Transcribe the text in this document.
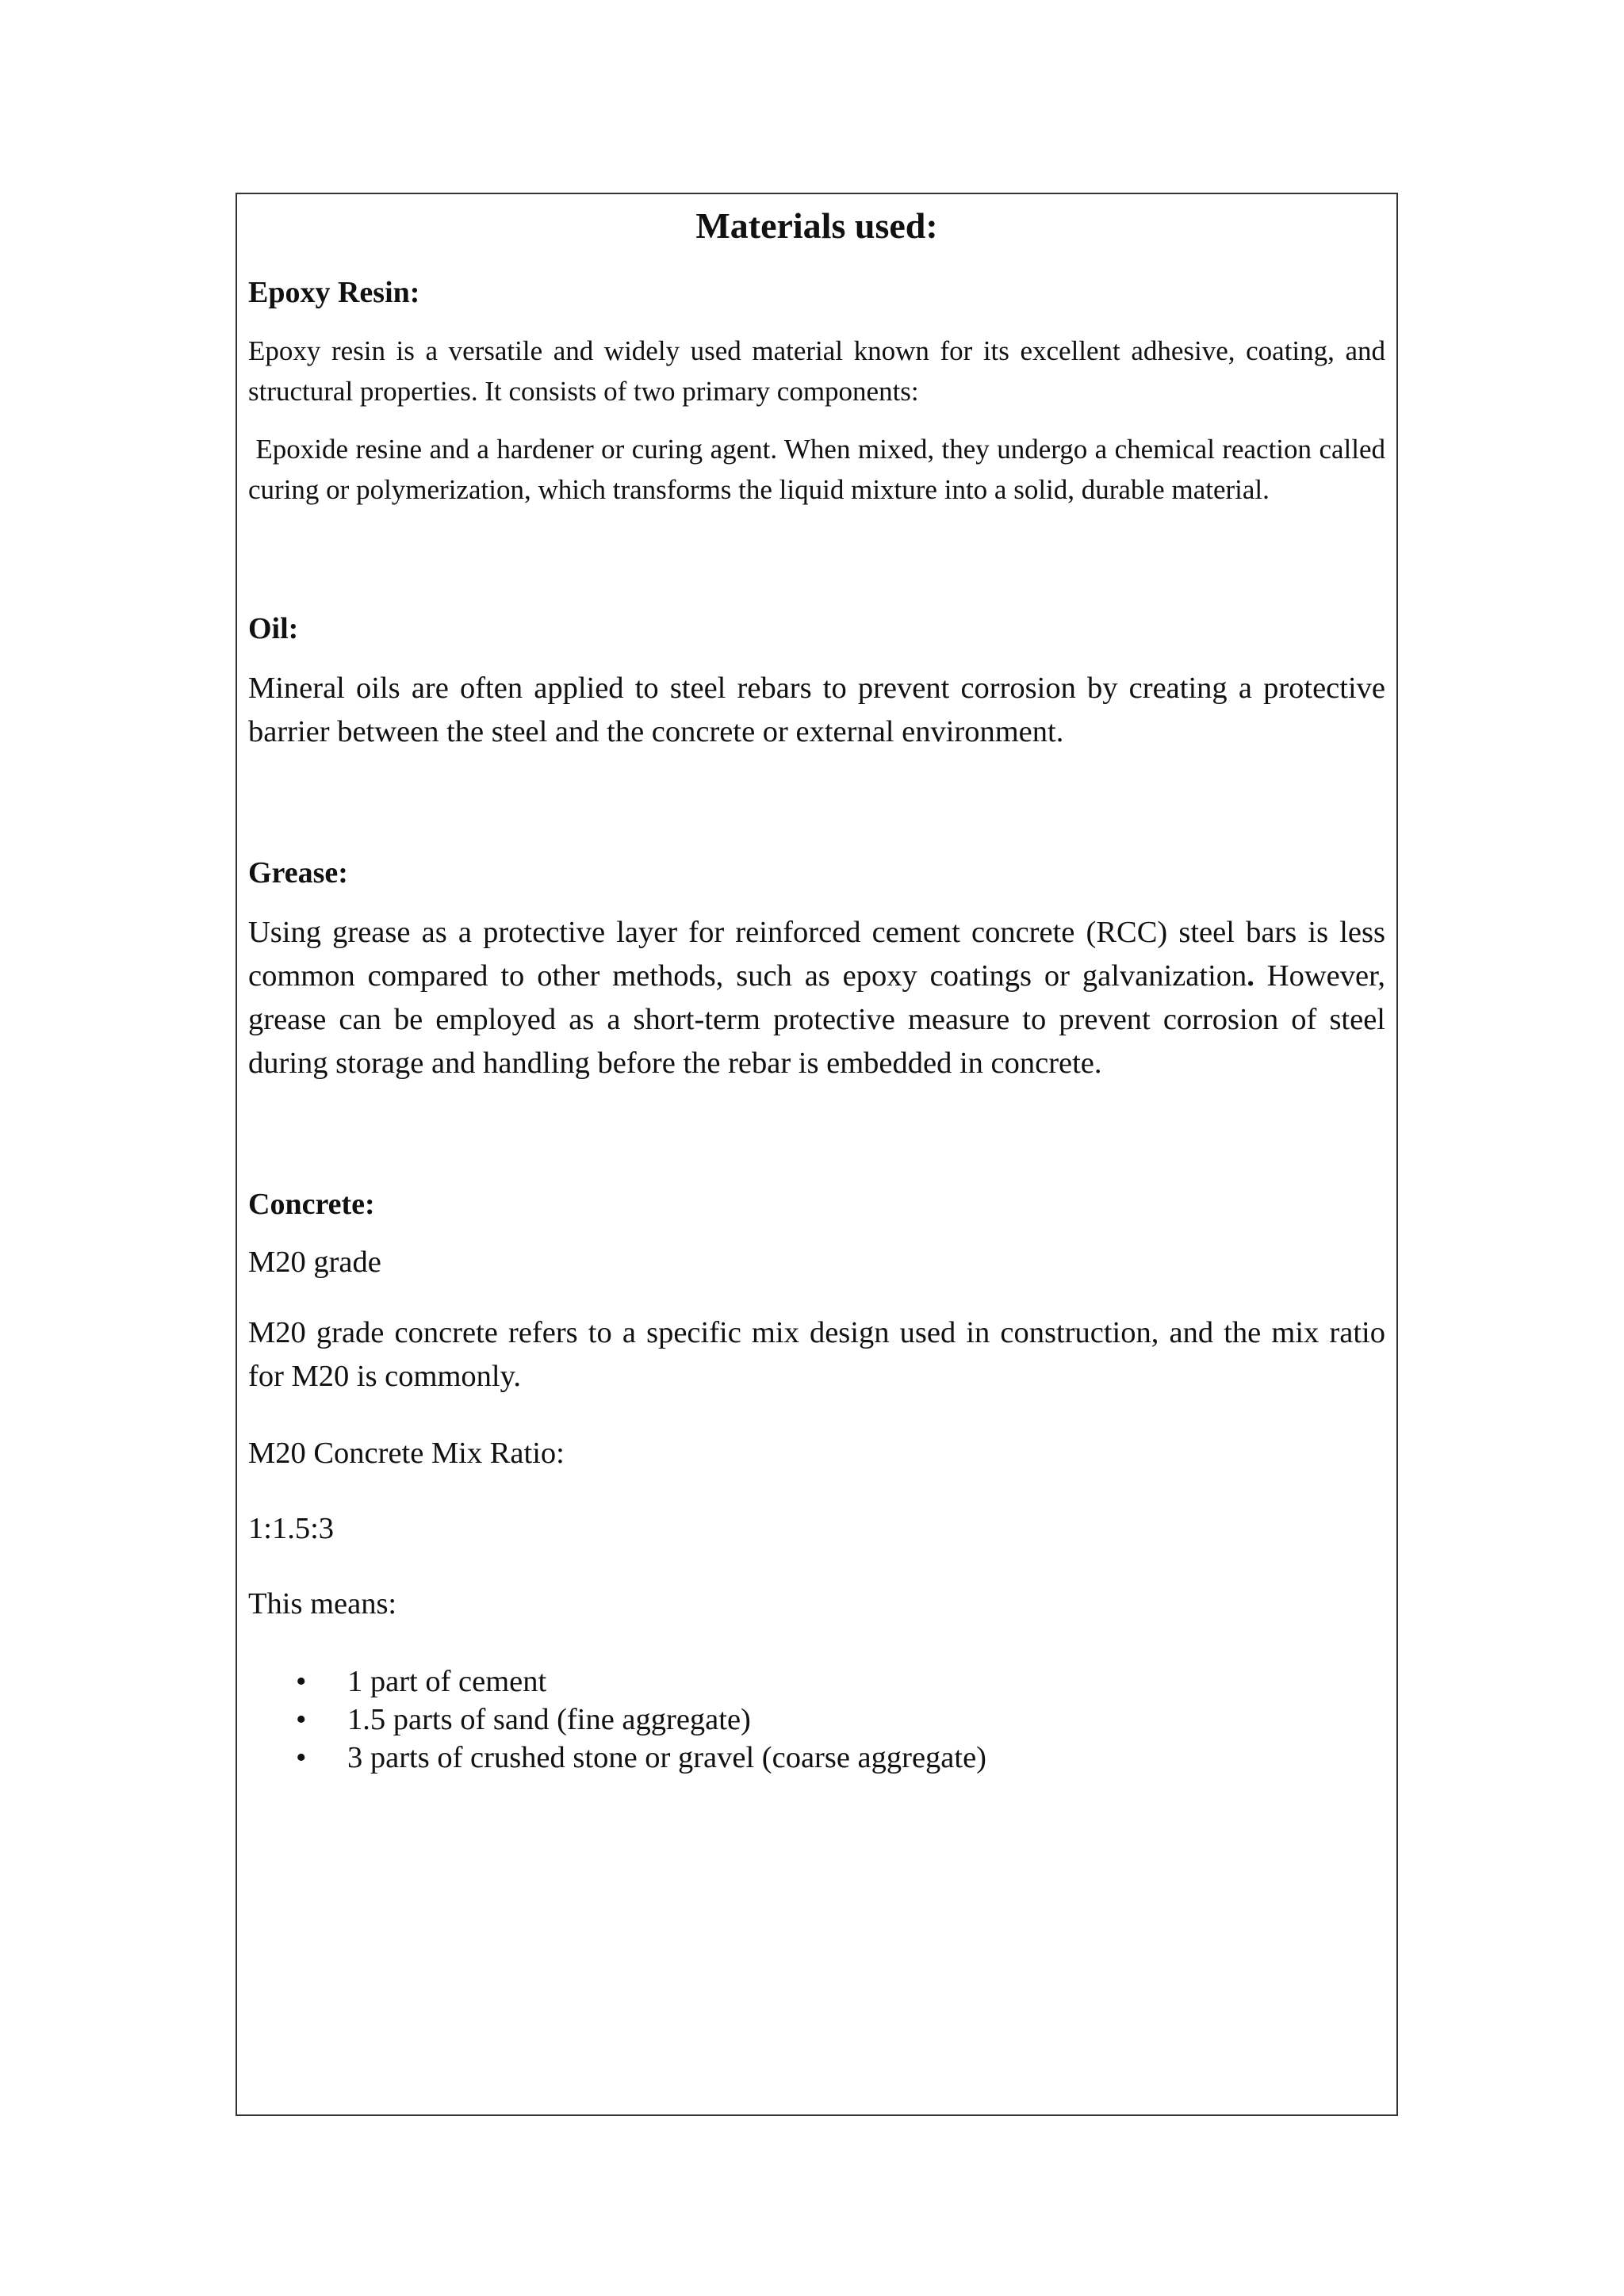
Materials used:

Epoxy Resin:

Epoxy resin is a versatile and widely used material known for its excellent adhesive, coating, and structural properties. It consists of two primary components:

Epoxide resine and a hardener or curing agent. When mixed, they undergo a chemical reaction called curing or polymerization, which transforms the liquid mixture into a solid, durable material.

Oil:

Mineral oils are often applied to steel rebars to prevent corrosion by creating a protective barrier between the steel and the concrete or external environment.

Grease:

Using grease as a protective layer for reinforced cement concrete (RCC) steel bars is less common compared to other methods, such as epoxy coatings or galvanization. However, grease can be employed as a short-term protective measure to prevent corrosion of steel during storage and handling before the rebar is embedded in concrete.

Concrete:

M20 grade

M20 grade concrete refers to a specific mix design used in construction, and the mix ratio for M20 is commonly.

M20 Concrete Mix Ratio:

1:1.5:3

This means:

• 1 part of cement
• 1.5 parts of sand (fine aggregate)
• 3 parts of crushed stone or gravel (coarse aggregate)
